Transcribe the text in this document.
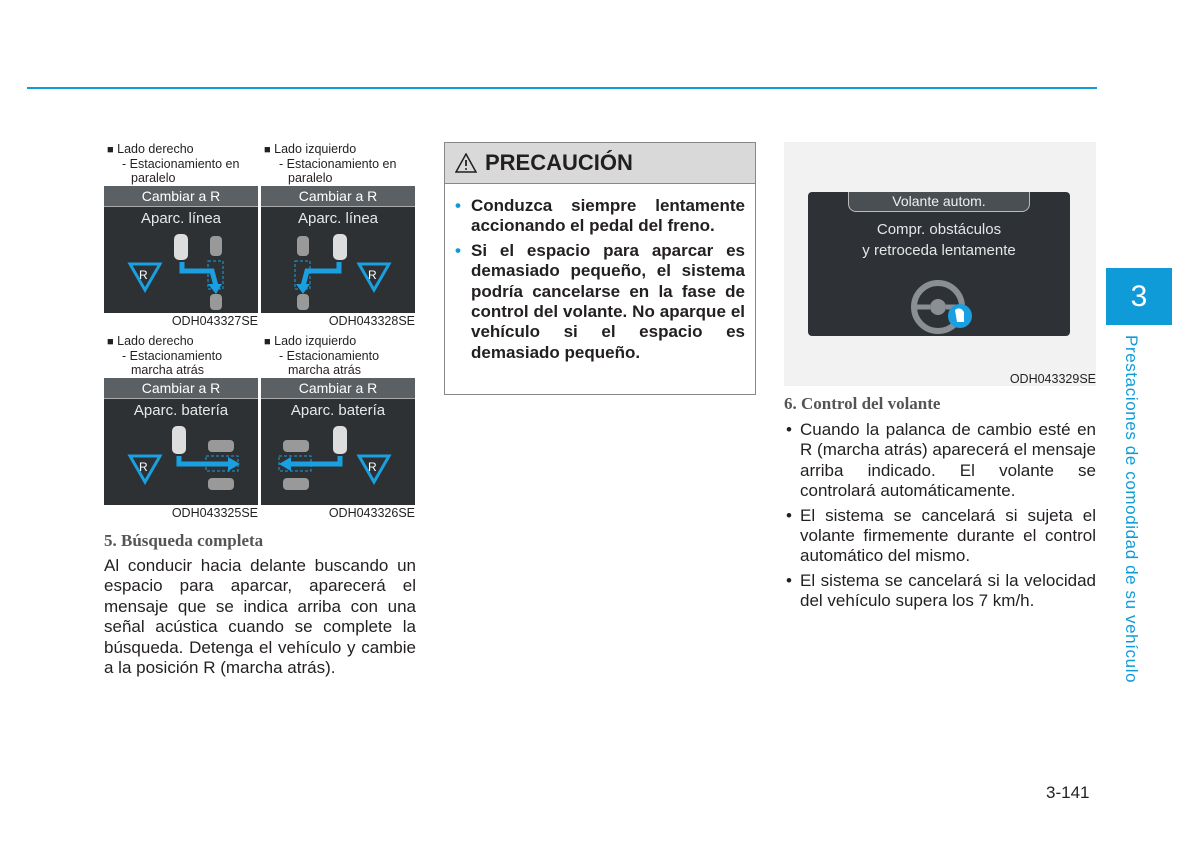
■ Lado derecho
- Estacionamiento en
paralelo
Cambiar a R
Aparc. línea
R
ODH043327SE
■ Lado izquierdo
- Estacionamiento en
paralelo
Cambiar a R
Aparc. línea
R
ODH043328SE
■ Lado derecho
- Estacionamiento
marcha atrás
Cambiar a R
Aparc. batería
R
ODH043325SE
■ Lado izquierdo
- Estacionamiento
marcha atrás
Cambiar a R
Aparc. batería
R
ODH043326SE
5. Búsqueda completa
Al conducir hacia delante buscando un espacio para aparcar, aparecerá el mensaje que se indica arriba con una señal acústica cuando se complete la búsqueda. Detenga el vehículo y cambie a la posición R (marcha atrás).
PRECAUCIÓN
• Conduzca siempre lentamente accionando el pedal del freno.
• Si el espacio para aparcar es demasiado pequeño, el sistema podría cancelarse en la fase de control del volante. No aparque el vehículo si el espacio es demasiado pequeño.
Volante autom.
Compr. obstáculos
y retroceda lentamente
ODH043329SE
6. Control del volante
• Cuando la palanca de cambio esté en R (marcha atrás) aparecerá el mensaje arriba indicado. El volante se controlará automáticamente.
• El sistema se cancelará si sujeta el volante firmemente durante el control automático del mismo.
• El sistema se cancelará si la velocidad del vehículo supera los 7 km/h.
3
Prestaciones de comodidad de su vehículo
3-141
